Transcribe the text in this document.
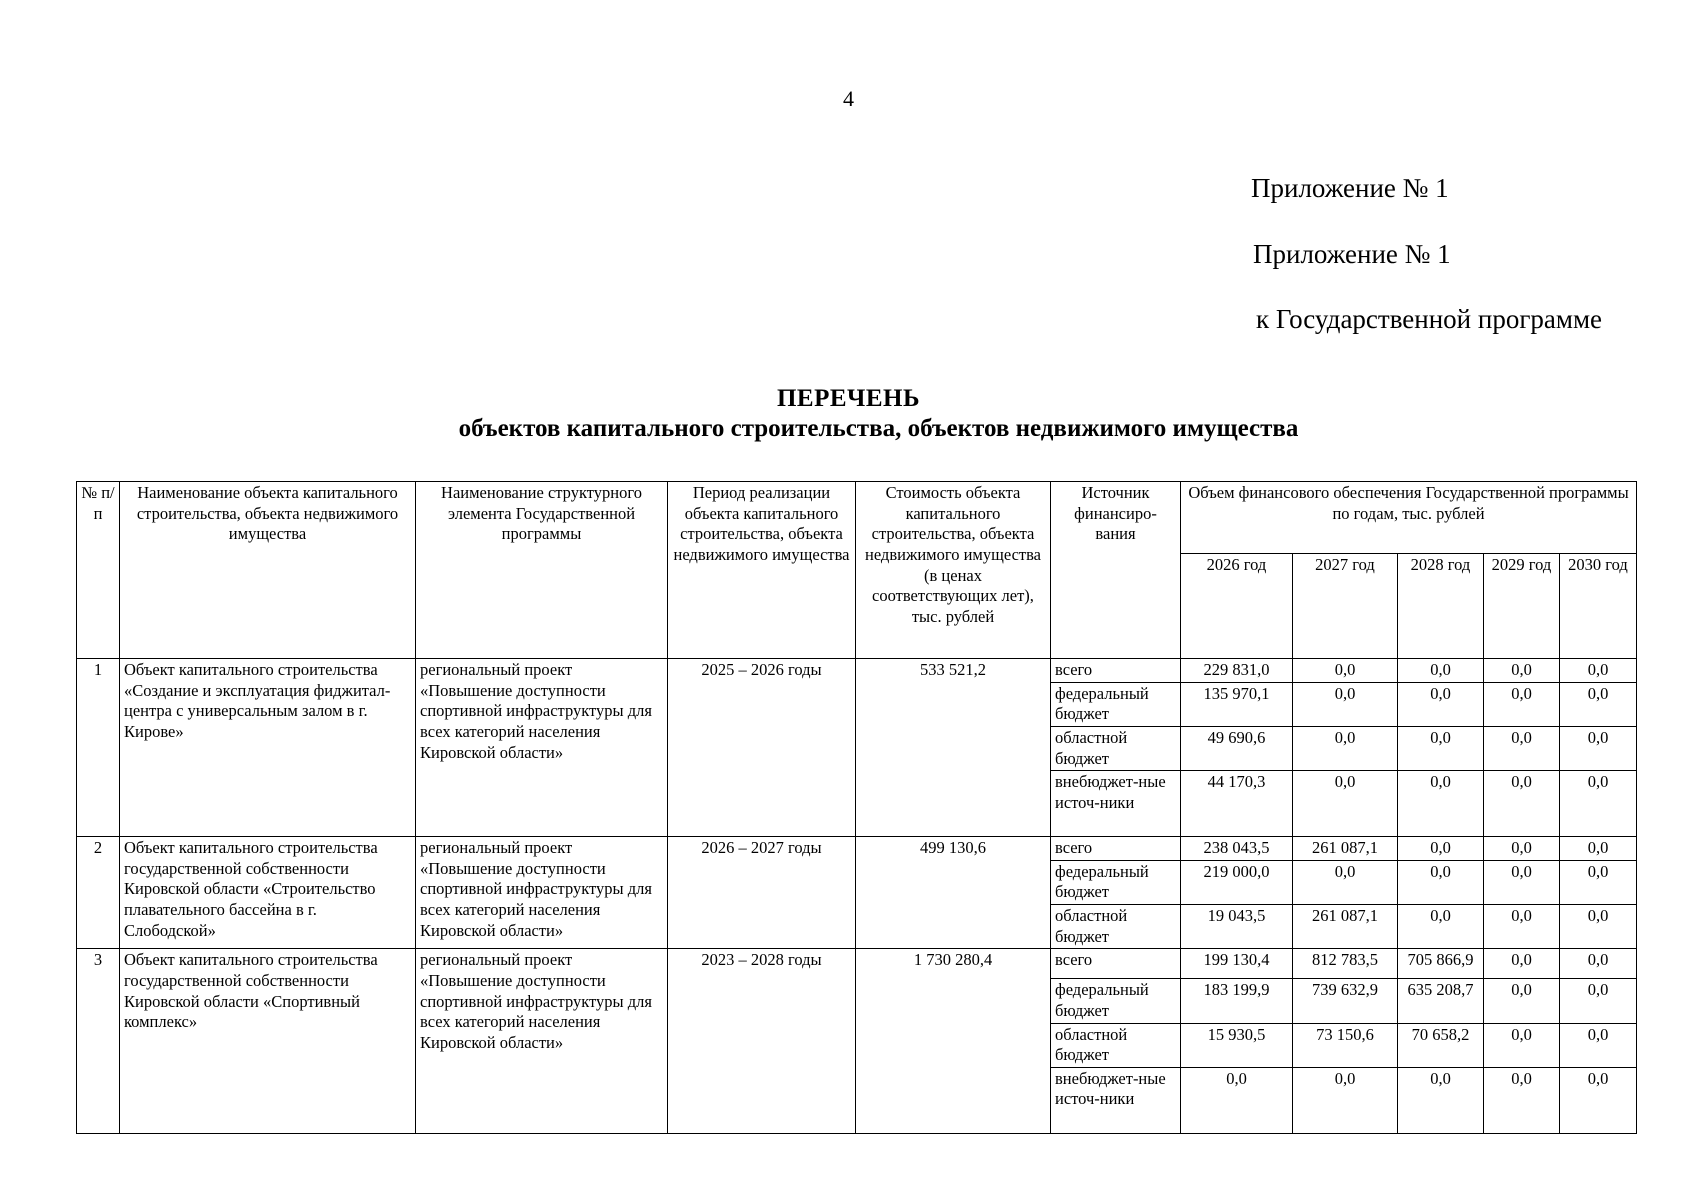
4
Приложение № 1
Приложение № 1
к Государственной программе
ПЕРЕЧЕНЬ
объектов капитального строительства, объектов недвижимого имущества
№ п/п	Наименование объекта капитального строительства, объекта недвижимого имущества	Наименование структурного элемента Государственной программы	Период реализации объекта капитального строительства, объекта недвижимого имущества	Стоимость объекта капитального строительства, объекта недвижимого имущества (в ценах соответствующих лет), тыс. рублей	Источник финансиро-вания	Объем финансового обеспечения Государственной программы по годам, тыс. рублей				
						2026 год	2027 год	2028 год	2029 год	2030 год
1	Объект капитального строительства «Создание и эксплуатация фиджитал-центра с универсальным залом в г. Кирове»	региональный проект «Повышение доступности спортивной инфраструктуры для всех категорий населения Кировской области»	2025 – 2026 годы	533 521,2	всего	229 831,0	0,0	0,0	0,0	0,0
					федеральный бюджет	135 970,1	0,0	0,0	0,0	0,0
					областной бюджет	49 690,6	0,0	0,0	0,0	0,0
					внебюджет-ные источ-ники	44 170,3	0,0	0,0	0,0	0,0
2	Объект капитального строительства государственной собственности Кировской области «Строительство плавательного бассейна в г. Слободской»	региональный проект «Повышение доступности спортивной инфраструктуры для всех категорий населения Кировской области»	2026 – 2027 годы	499 130,6	всего	238 043,5	261 087,1	0,0	0,0	0,0
					федеральный бюджет	219 000,0	0,0	0,0	0,0	0,0
					областной бюджет	19 043,5	261 087,1	0,0	0,0	0,0
3	Объект капитального строительства государственной собственности Кировской области «Спортивный комплекс»	региональный проект «Повышение доступности спортивной инфраструктуры для всех категорий населения Кировской области»	2023 – 2028 годы	1 730 280,4	всего	199 130,4	812 783,5	705 866,9	0,0	0,0
					федеральный бюджет	183 199,9	739 632,9	635 208,7	0,0	0,0
					областной бюджет	15 930,5	73 150,6	70 658,2	0,0	0,0
					внебюджет-ные источ-ники	0,0	0,0	0,0	0,0	0,0
